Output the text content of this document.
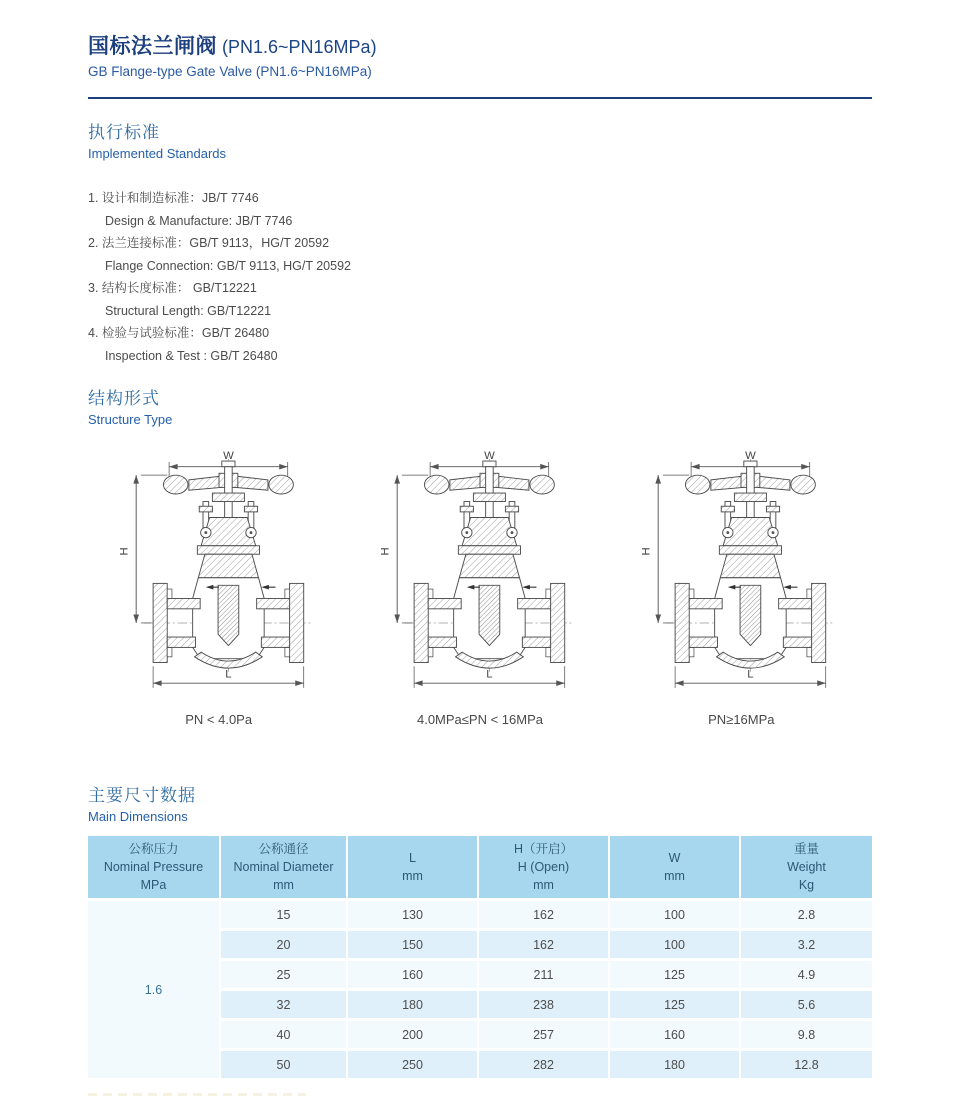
国标法兰闸阀 (PN1.6~PN16MPa)
GB Flange-type Gate Valve (PN1.6~PN16MPa)
执行标准
Implemented Standards
1. 设计和制造标准：JB/T 7746
Design & Manufacture: JB/T 7746
2. 法兰连接标准：GB/T 9113，HG/T 20592
Flange Connection: GB/T 9113, HG/T 20592
3. 结构长度标准： GB/T12221
Structural Length: GB/T12221
4. 检验与试验标准：GB/T 26480
Inspection & Test : GB/T 26480
结构形式
Structure Type
PN < 4.0Pa	4.0MPa≤PN < 16MPa	PN≥16MPa
主要尺寸数据
Main Dimensions
公称压力
Nominal Pressure
MPa

公称通径
Nominal Diameter
mm

L
mm

H（开启）
H (Open)
mm

W
mm

重量
Weight
Kg

1.6	15	130	162	100	2.8
	20	150	162	100	3.2
	25	160	211	125	4.9
	32	180	238	125	5.6
	40	200	257	160	9.8
	50	250	282	180	12.8
